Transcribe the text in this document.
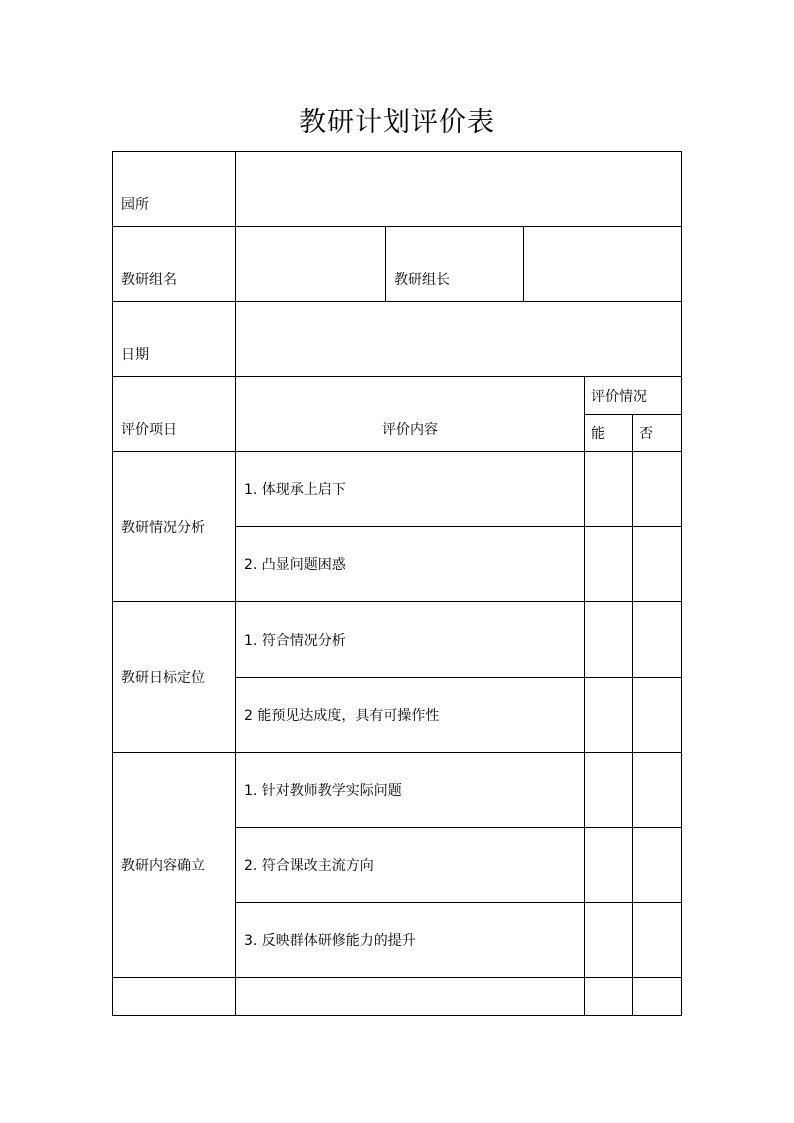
教研计划评价表
园所					
教研组名		教研组长			
日期					
评价项日	评价内容			评价情况	
				能	否
教研情况分析	1. 体现承上启下				
	2. 凸显问题困惑				
教研日标定位	1. 符合情况分析				
	2 能预见达成度，具有可操作性				
教研内容确立	1. 针对教师教学实际问题				
	2. 符合课改主流方向				
	3. 反映群体研修能力的提升				
